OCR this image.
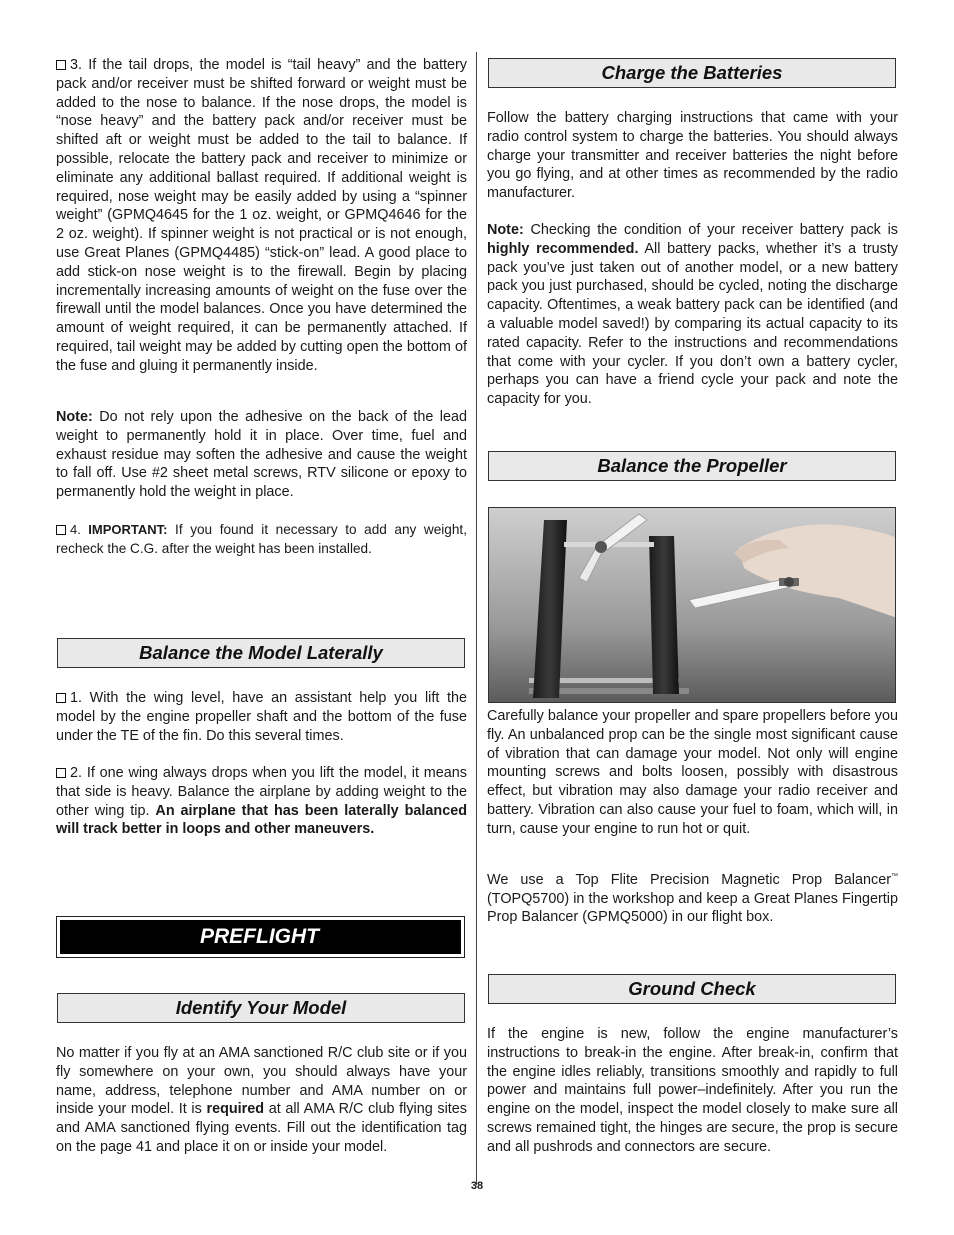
3. If the tail drops, the model is “tail heavy” and the battery pack and/or receiver must be shifted forward or weight must be added to the nose to balance. If the nose drops, the model is “nose heavy” and the battery pack and/or receiver must be shifted aft or weight must be added to the tail to balance. If possible, relocate the battery pack and receiver to minimize or eliminate any additional ballast required. If additional weight is required, nose weight may be easily added by using a “spinner weight” (GPMQ4645 for the 1 oz. weight, or GPMQ4646 for the 2 oz. weight). If spinner weight is not practical or is not enough, use Great Planes (GPMQ4485) “stick-on” lead. A good place to add stick-on nose weight is to the firewall. Begin by placing incrementally increasing amounts of weight on the fuse over the firewall until the model balances. Once you have determined the amount of weight required, it can be permanently attached. If required, tail weight may be added by cutting open the bottom of the fuse and gluing it permanently inside.

Note: Do not rely upon the adhesive on the back of the lead weight to permanently hold it in place. Over time, fuel and exhaust residue may soften the adhesive and cause the weight to fall off. Use #2 sheet metal screws, RTV silicone or epoxy to permanently hold the weight in place.

4. IMPORTANT: If you found it necessary to add any weight, recheck the C.G. after the weight has been installed.

Balance the Model Laterally

1. With the wing level, have an assistant help you lift the model by the engine propeller shaft and the bottom of the fuse under the TE of the fin. Do this several times.

2. If one wing always drops when you lift the model, it means that side is heavy. Balance the airplane by adding weight to the other wing tip. An airplane that has been laterally balanced will track better in loops and other maneuvers.

PREFLIGHT
Identify Your Model

No matter if you fly at an AMA sanctioned R/C club site or if you fly somewhere on your own, you should always have your name, address, telephone number and AMA number on or inside your model. It is required at all AMA R/C club flying sites and AMA sanctioned flying events. Fill out the identification tag on the page 41 and place it on or inside your model.

Charge the Batteries

Follow the battery charging instructions that came with your radio control system to charge the batteries. You should always charge your transmitter and receiver batteries the night before you go flying, and at other times as recommended by the radio manufacturer.

Note: Checking the condition of your receiver battery pack is highly recommended. All battery packs, whether it’s a trusty pack you’ve just taken out of another model, or a new battery pack you just purchased, should be cycled, noting the discharge capacity. Oftentimes, a weak battery pack can be identified (and a valuable model saved!) by comparing its actual capacity to its rated capacity. Refer to the instructions and recommendations that come with your cycler. If you don’t own a battery cycler, perhaps you can have a friend cycle your pack and note the capacity for you.

Balance the Propeller

Carefully balance your propeller and spare propellers before you fly. An unbalanced prop can be the single most significant cause of vibration that can damage your model. Not only will engine mounting screws and bolts loosen, possibly with disastrous effect, but vibration may also damage your radio receiver and battery. Vibration can also cause your fuel to foam, which will, in turn, cause your engine to run hot or quit.

We use a Top Flite Precision Magnetic Prop Balancer™ (TOPQ5700) in the workshop and keep a Great Planes Fingertip Prop Balancer (GPMQ5000) in our flight box.

Ground Check

If the engine is new, follow the engine manufacturer’s instructions to break-in the engine. After break-in, confirm that the engine idles reliably, transitions smoothly and rapidly to full power and maintains full power–indefinitely. After you run the engine on the model, inspect the model closely to make sure all screws remained tight, the hinges are secure, the prop is secure and all pushrods and connectors are secure.

38
